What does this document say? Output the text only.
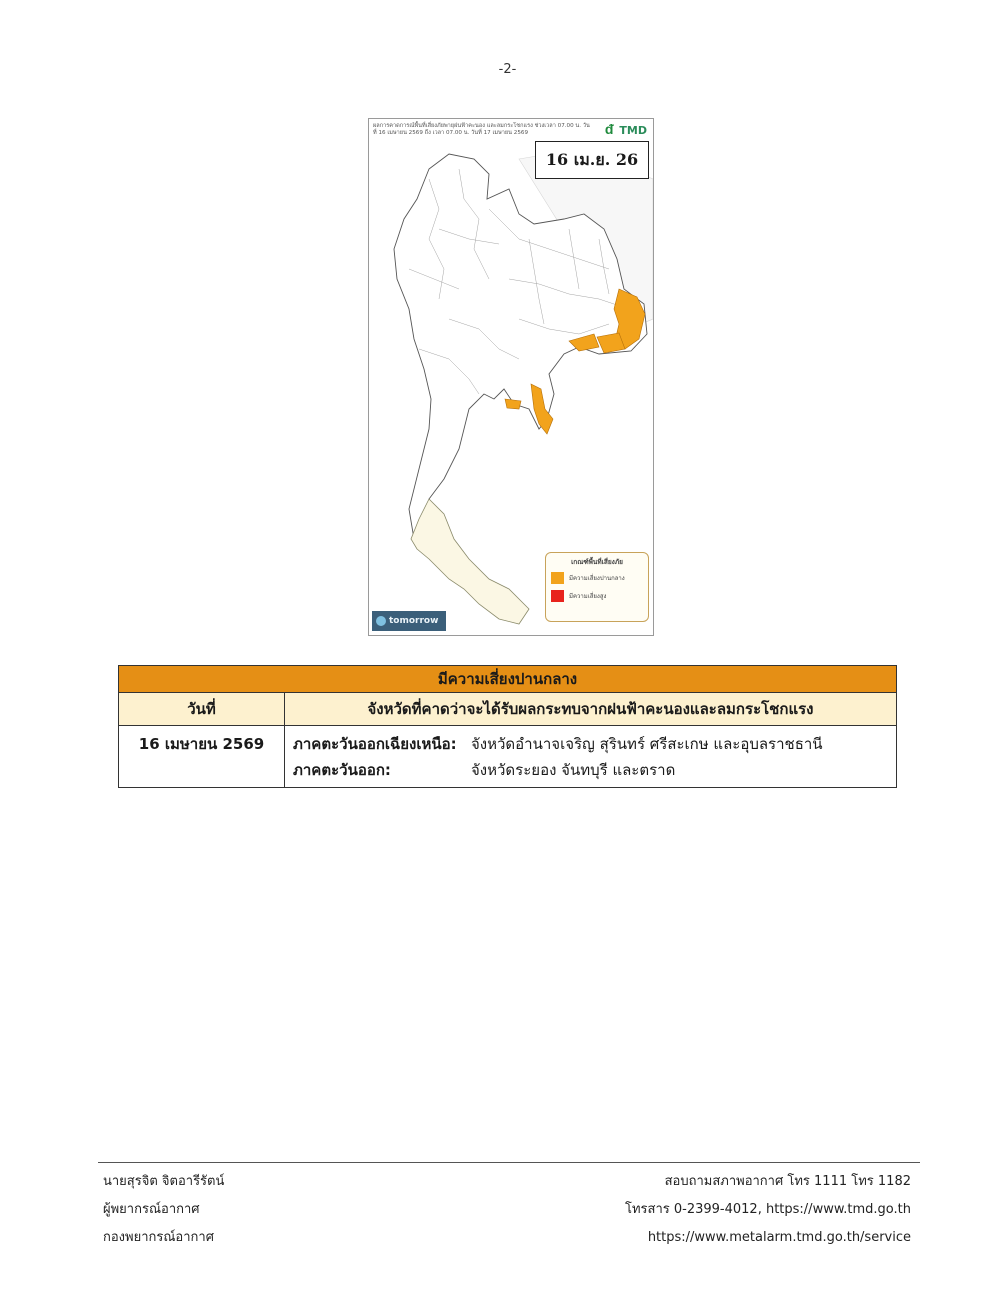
-2-
ผลการคาดการณ์พื้นที่เสี่ยงภัยพายุฝนฟ้าคะนอง และลมกระโชกแรง ช่วงเวลา 07.00 น. วันที่ 16 เมษายน 2569 ถึง เวลา 07.00 น. วันที่ 17 เมษายน 2569	ᵭ TMD
16 เม.ย. 26
เกณฑ์พื้นที่เสี่ยงภัย
มีความเสี่ยงปานกลาง
มีความเสี่ยงสูง
tomorrow
มีความเสี่ยงปานกลาง	
วันที่	จังหวัดที่คาดว่าจะได้รับผลกระทบจากฝนฟ้าคะนองและลมกระโชกแรง
16 เมษายน 2569	ภาคตะวันออกเฉียงเหนือ: จังหวัดอำนาจเจริญ สุรินทร์ ศรีสะเกษ และอุบลราชธานี
ภาคตะวันออก: จังหวัดระยอง จันทบุรี และตราด
นายสุรจิต จิตอารีรัตน์
ผู้พยากรณ์อากาศ
กองพยากรณ์อากาศ
สอบถามสภาพอากาศ โทร 1111 โทร 1182
โทรสาร 0-2399-4012, https://www.tmd.go.th
https://www.metalarm.tmd.go.th/service
